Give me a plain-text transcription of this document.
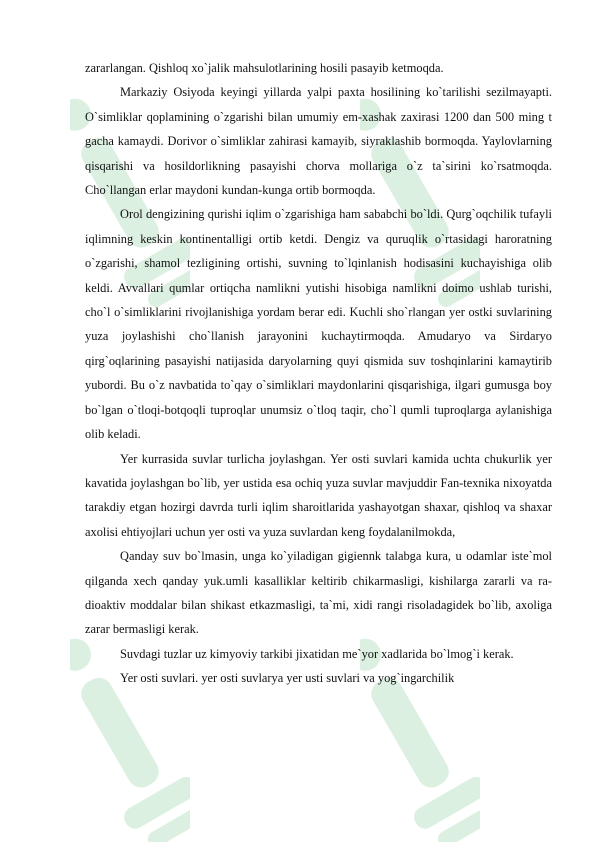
zararlangan. Qishloq xo`jalik mahsulotlarining hosili pasayib ketmoqda.

Markaziy Osiyoda keyingi yillarda yalpi paxta hosilining ko`tarilishi sezilmayapti. O`simliklar qoplamining o`zgarishi bilan umumiy em-xashak zaxirasi 1200 dan 500 ming t gacha kamaydi. Dorivor o`simliklar zahirasi kamayib, siyraklashib bormoqda. Yaylovlarning qisqarishi va hosildorlikning pasayishi chorva mollariga o`z ta`sirini ko`rsatmoqda. Cho`llangan erlar maydoni kundan-kunga ortib bormoqda.

Orol dengizining qurishi iqlim o`zgarishiga ham sababchi bo`ldi. Qurg`oqchilik tufayli iqlimning keskin kontinentalligi ortib ketdi. Dengiz va quruqlik o`rtasidagi haroratning o`zgarishi, shamol tezligining ortishi, suvning to`lqinlanish hodisasini kuchayishiga olib keldi. Avvallari qumlar ortiqcha namlikni yutishi hisobiga namlikni doimo ushlab turishi, cho`l o`simliklarini rivojlanishiga yordam berar edi. Kuchli sho`rlangan yer ostki suvlarining yuza joylashishi cho`llanish jarayonini kuchaytirmoqda. Amudaryo va Sirdaryo qirg`oqlarining pasayishi natijasida daryolarning quyi qismida suv toshqinlarini kamaytirib yubordi. Bu o`z navbatida to`qay o`simliklari maydonlarini qisqarishiga, ilgari gumusga boy bo`lgan o`tloqi-botqoqli tuproqlar unumsiz o`tloq taqir, cho`l qumli tuproqlarga aylanishiga olib keladi.

Yer kurrasida suvlar turlicha joylashgan. Yer osti suvlari kamida uchta chukurlik yer kavatida joylashgan bo`lib, yer ustida esa ochiq yuza suvlar mavjuddir Fan-texnika nixoyatda tarakdiy etgan hozirgi davrda turli iqlim sharoitlarida yashayotgan shaxar, qishloq va shaxar axolisi ehtiyojlari uchun yer osti va yuza suvlardan keng foydalanilmokda,

Qanday suv bo`lmasin, unga ko`yiladigan gigiennk talabga kura, u odamlar iste`mol qilganda xech qanday yuk.umli kasalliklar keltirib chikarmasligi, kishilarga zararli va ra-dioaktiv moddalar bilan shikast etkazmasligi, ta`mi, xidi rangi risoladagidek bo`lib, axoliga zarar bermasligi kerak.

Suvdagi tuzlar uz kimyoviy tarkibi jixatidan me`yor xadlarida bo`lmog`i kerak.

Yer osti suvlari. yer osti suvlarya yer usti suvlari va yog`ingarchilik
